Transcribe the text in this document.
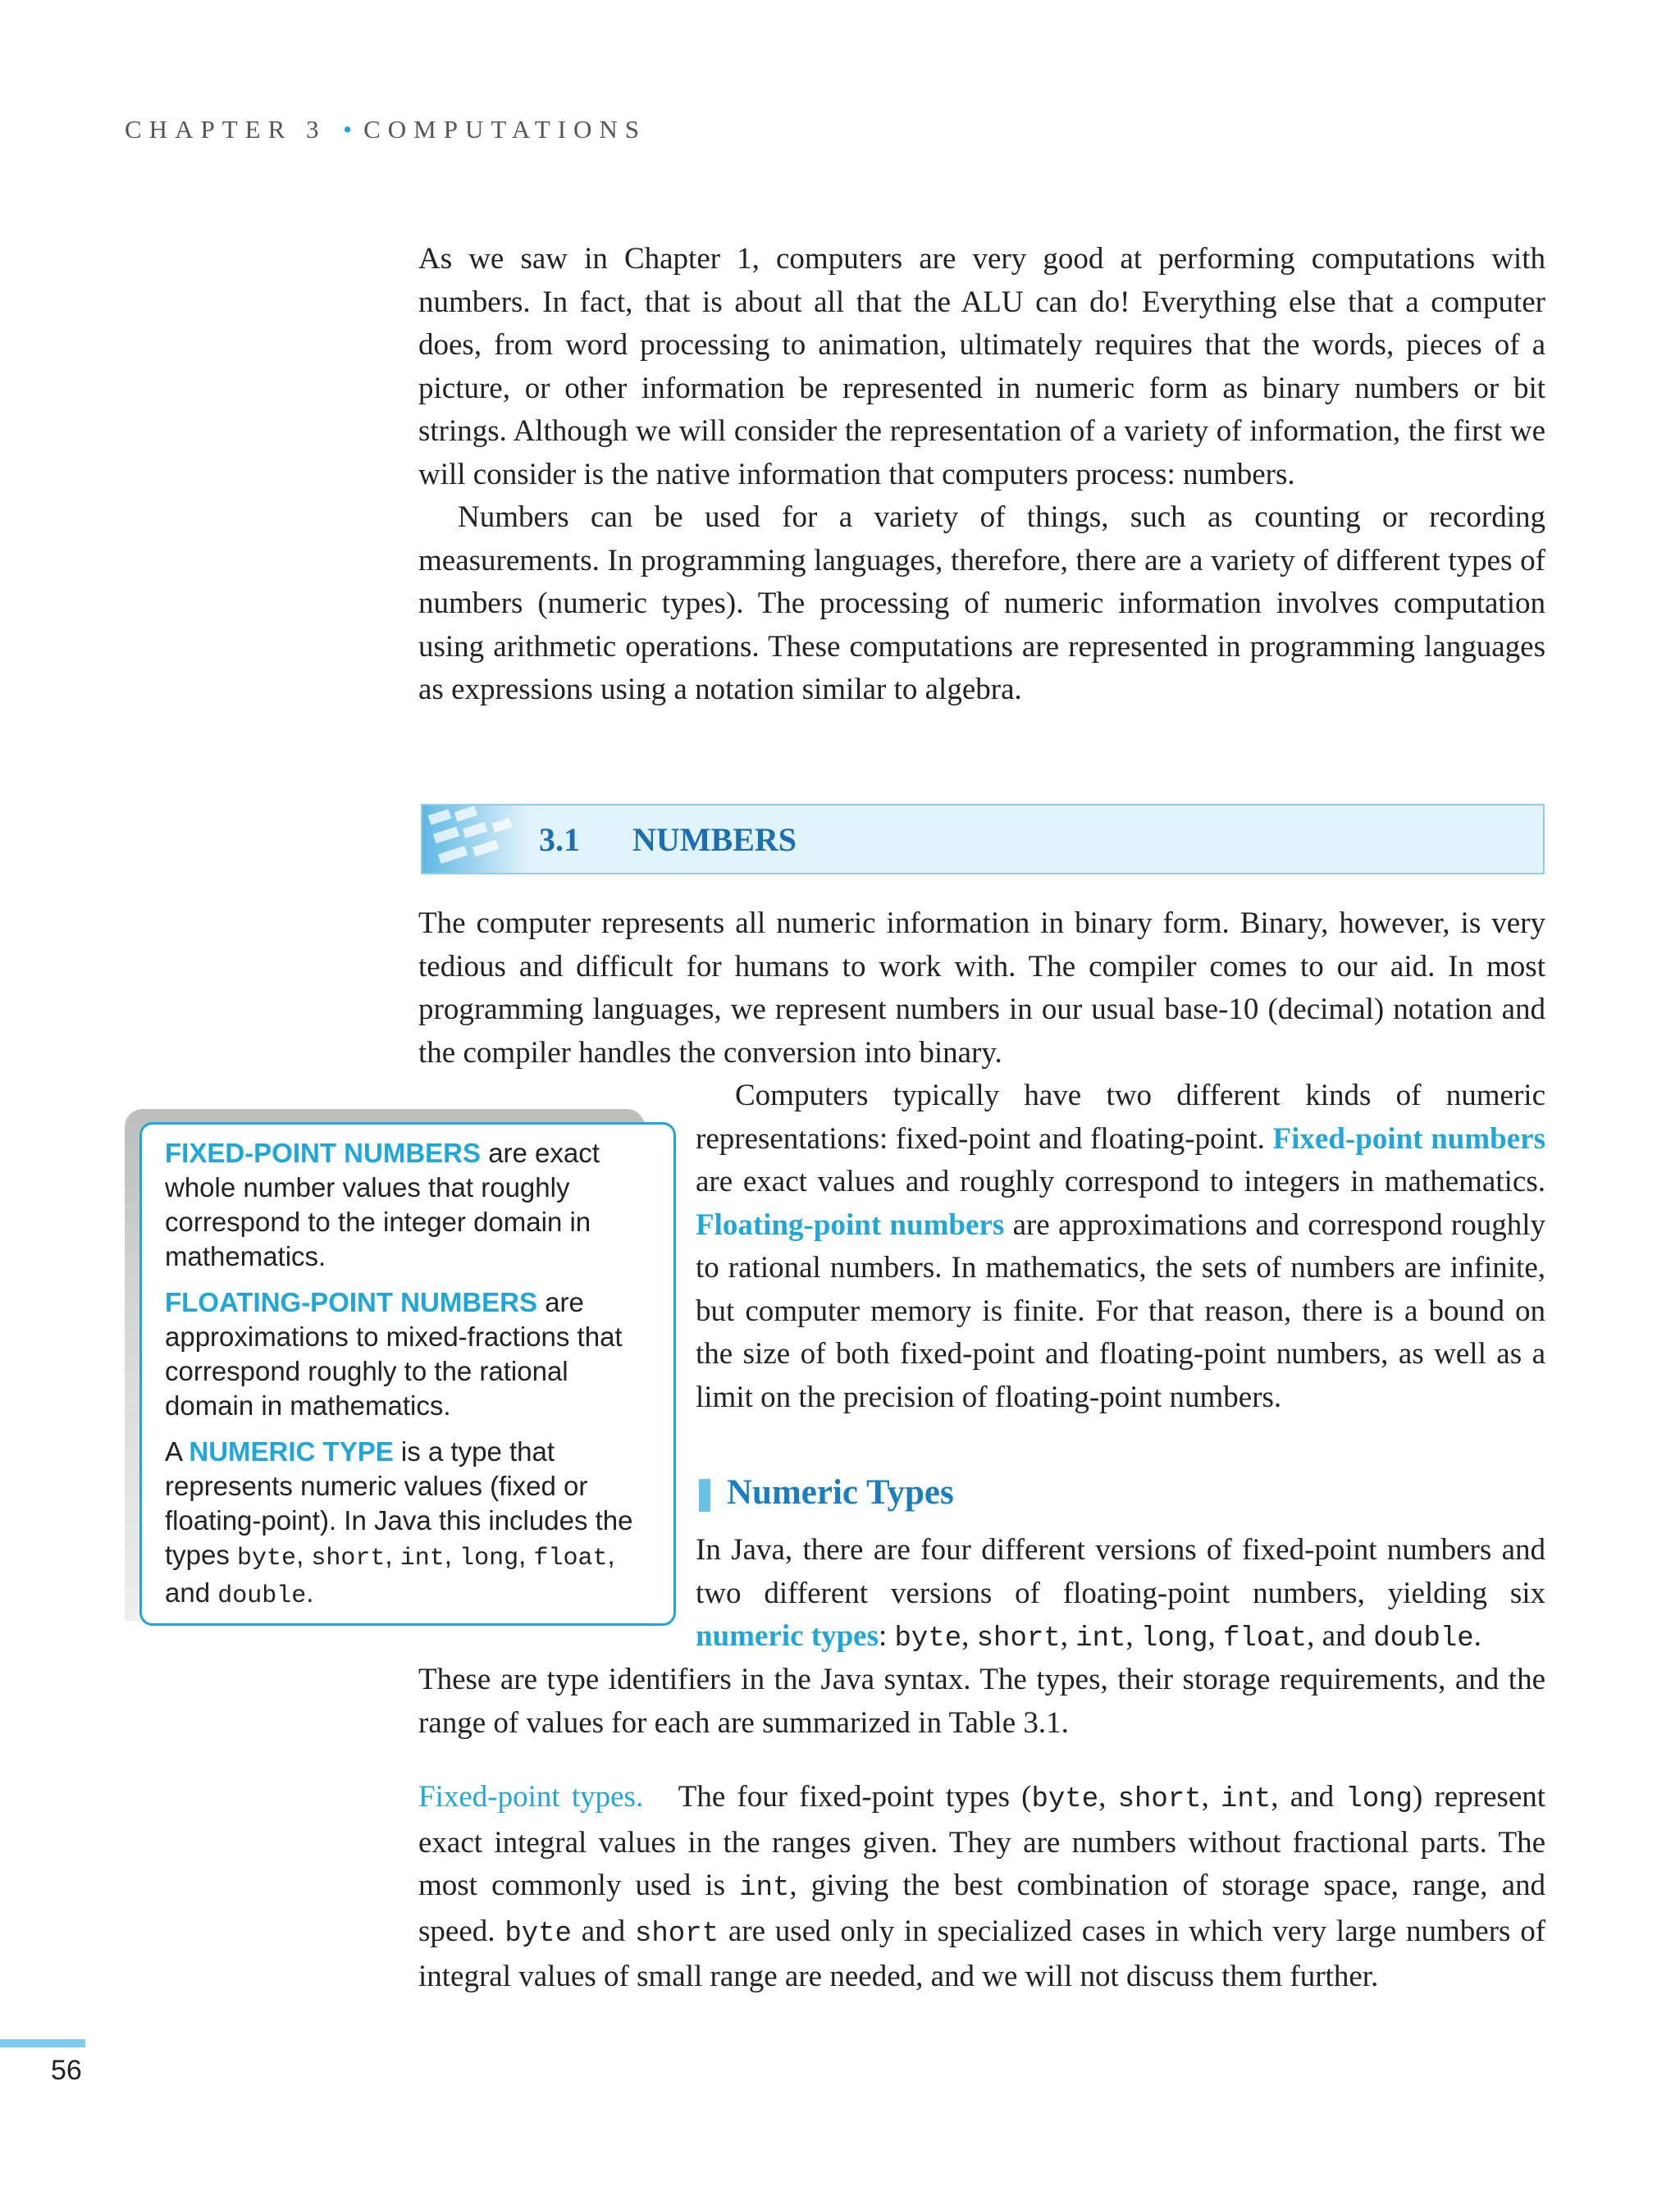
CHAPTER 3 • COMPUTATIONS

As we saw in Chapter 1, computers are very good at performing computations with numbers. In fact, that is about all that the ALU can do! Everything else that a computer does, from word processing to animation, ultimately requires that the words, pieces of a picture, or other information be represented in numeric form as binary numbers or bit strings. Although we will consider the representation of a variety of information, the first we will consider is the native information that computers process: numbers.

Numbers can be used for a variety of things, such as counting or recording measurements. In programming languages, therefore, there are a variety of different types of numbers (numeric types). The processing of numeric information involves computation using arithmetic operations. These computations are represented in programming languages as expressions using a notation similar to algebra.

3.1 NUMBERS

The computer represents all numeric information in binary form. Binary, however, is very tedious and difficult for humans to work with. The compiler comes to our aid. In most programming languages, we represent numbers in our usual base-10 (decimal) notation and the compiler handles the conversion into binary.

Computers typically have two different kinds of numeric representations: fixed-point and floating-point. Fixed-point numbers are exact values and roughly correspond to integers in mathematics. Floating-point numbers are approximations and correspond roughly to rational numbers. In mathematics, the sets of numbers are infinite, but computer memory is finite. For that reason, there is a bound on the size of both fixed-point and floating-point numbers, as well as a limit on the precision of floating-point numbers.

FIXED-POINT NUMBERS are exact whole number values that roughly correspond to the integer domain in mathematics.

FLOATING-POINT NUMBERS are approximations to mixed-fractions that correspond roughly to the rational domain in mathematics.

A NUMERIC TYPE is a type that represents numeric values (fixed or floating-point). In Java this includes the types byte, short, int, long, float, and double.

Numeric Types

In Java, there are four different versions of fixed-point numbers and two different versions of floating-point numbers, yielding six numeric types: byte, short, int, long, float, and double.

These are type identifiers in the Java syntax. The types, their storage requirements, and the range of values for each are summarized in Table 3.1.

Fixed-point types. The four fixed-point types (byte, short, int, and long) represent exact integral values in the ranges given. They are numbers without fractional parts. The most commonly used is int, giving the best combination of storage space, range, and speed. byte and short are used only in specialized cases in which very large numbers of integral values of small range are needed, and we will not discuss them further.

56
